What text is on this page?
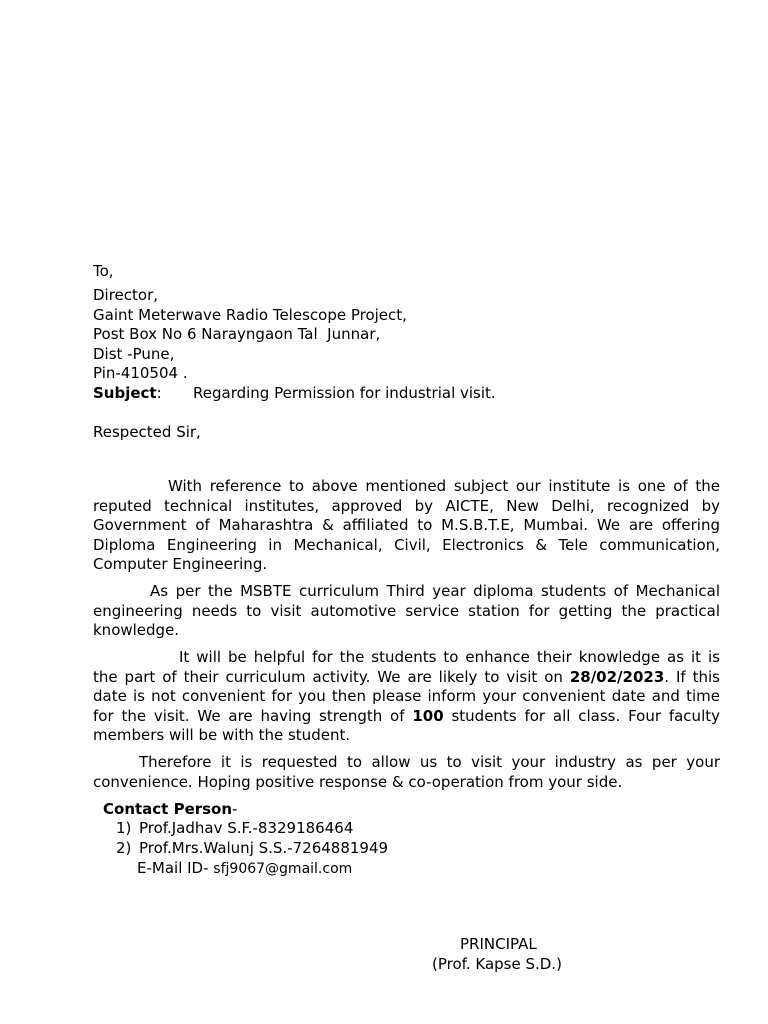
To,
Director,
Gaint Meterwave Radio Telescope Project,
Post Box No 6 Narayngaon Tal  Junnar,
Dist -Pune,
Pin-410504 .
Subject: Regarding Permission for industrial visit.
Respected Sir,
With reference to above mentioned subject our institute is one of the reputed technical institutes, approved by AICTE, New Delhi, recognized by Government of Maharashtra & affiliated to M.S.B.T.E, Mumbai. We are offering Diploma Engineering in Mechanical, Civil, Electronics & Tele communication, Computer Engineering.
As per the MSBTE curriculum Third year diploma students of Mechanical engineering needs to visit automotive service station for getting the practical knowledge.
It will be helpful for the students to enhance their knowledge as it is the part of their curriculum activity. We are likely to visit on 28/02/2023. If this date is not convenient for you then please inform your convenient date and time for the visit. We are having strength of 100 students for all class. Four faculty members will be with the student.
Therefore it is requested to allow us to visit your industry as per your convenience. Hoping positive response & co-operation from your side.
Contact Person-
1) Prof.Jadhav S.F.-8329186464
2) Prof.Mrs.Walunj S.S.-7264881949
E-Mail ID- sfj9067@gmail.com
PRINCIPAL
(Prof. Kapse S.D.)
